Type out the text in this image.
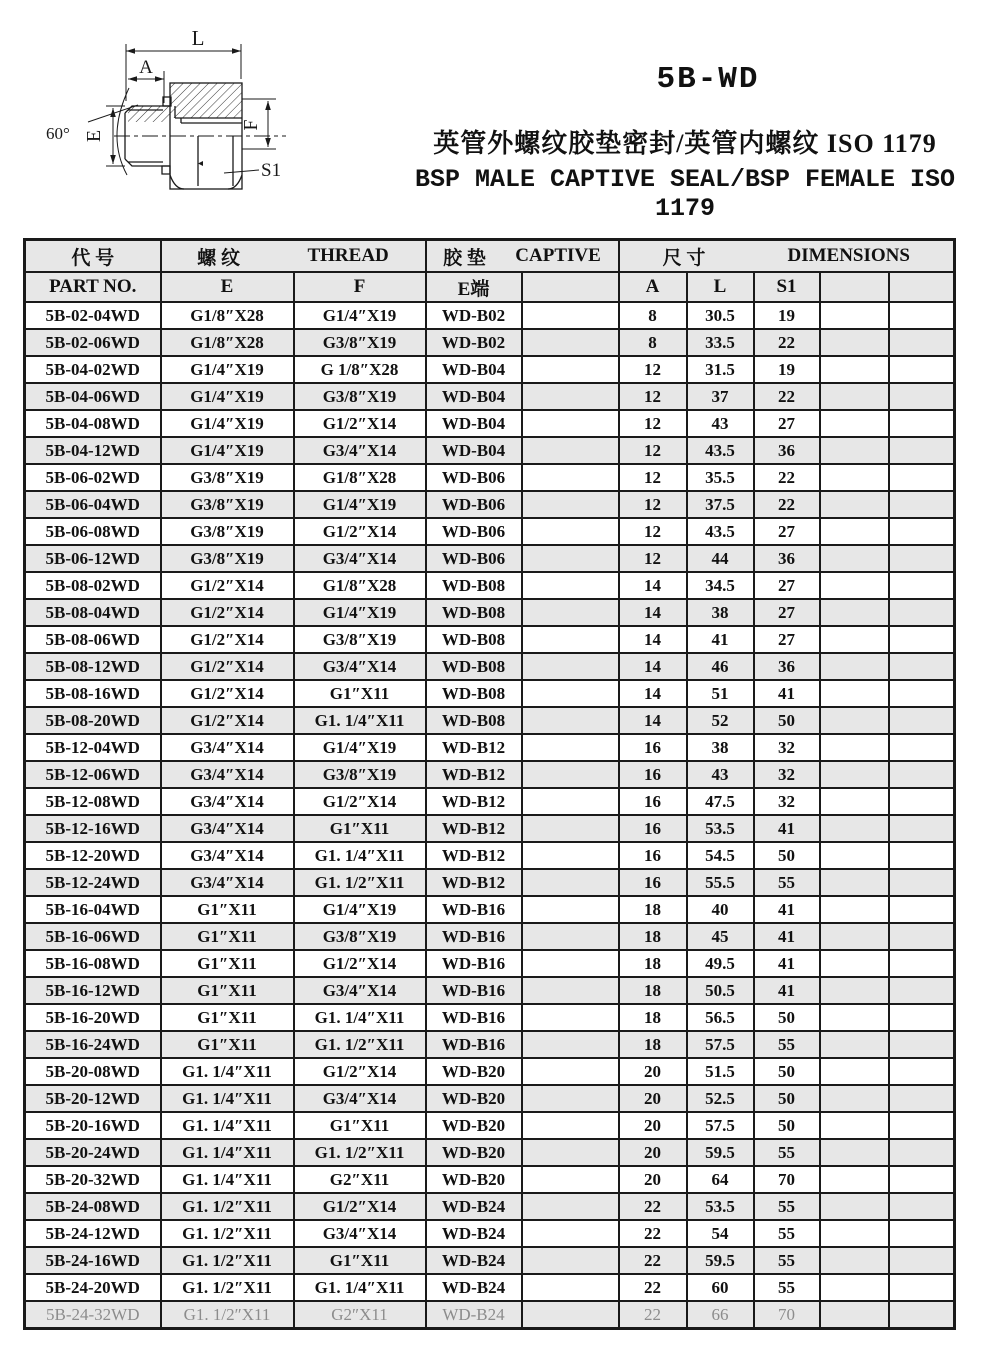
L
A
E
F
60°
S1
5B-WD
英管外螺纹胶垫密封/英管内螺纹 ISO 1179
BSP MALE CAPTIVE SEAL/BSP FEMALE ISO 1179
代 号	螺 纹 THREAD		胶 垫 CAPTIVE		尺 寸 DIMENSIONS				

PART NO.	E	F	E端		A	L	S1		
5B-02-04WD	G1/8″X28	G1/4″X19	WD-B02		8	30.5	19		
5B-02-06WD	G1/8″X28	G3/8″X19	WD-B02		8	33.5	22		
5B-04-02WD	G1/4″X19	G 1/8″X28	WD-B04		12	31.5	19		
5B-04-06WD	G1/4″X19	G3/8″X19	WD-B04		12	37	22		
5B-04-08WD	G1/4″X19	G1/2″X14	WD-B04		12	43	27		
5B-04-12WD	G1/4″X19	G3/4″X14	WD-B04		12	43.5	36		
5B-06-02WD	G3/8″X19	G1/8″X28	WD-B06		12	35.5	22		
5B-06-04WD	G3/8″X19	G1/4″X19	WD-B06		12	37.5	22		
5B-06-08WD	G3/8″X19	G1/2″X14	WD-B06		12	43.5	27		
5B-06-12WD	G3/8″X19	G3/4″X14	WD-B06		12	44	36		
5B-08-02WD	G1/2″X14	G1/8″X28	WD-B08		14	34.5	27		
5B-08-04WD	G1/2″X14	G1/4″X19	WD-B08		14	38	27		
5B-08-06WD	G1/2″X14	G3/8″X19	WD-B08		14	41	27		
5B-08-12WD	G1/2″X14	G3/4″X14	WD-B08		14	46	36		
5B-08-16WD	G1/2″X14	G1″X11	WD-B08		14	51	41		
5B-08-20WD	G1/2″X14	G1. 1/4″X11	WD-B08		14	52	50		
5B-12-04WD	G3/4″X14	G1/4″X19	WD-B12		16	38	32		
5B-12-06WD	G3/4″X14	G3/8″X19	WD-B12		16	43	32		
5B-12-08WD	G3/4″X14	G1/2″X14	WD-B12		16	47.5	32		
5B-12-16WD	G3/4″X14	G1″X11	WD-B12		16	53.5	41		
5B-12-20WD	G3/4″X14	G1. 1/4″X11	WD-B12		16	54.5	50		
5B-12-24WD	G3/4″X14	G1. 1/2″X11	WD-B12		16	55.5	55		
5B-16-04WD	G1″X11	G1/4″X19	WD-B16		18	40	41		
5B-16-06WD	G1″X11	G3/8″X19	WD-B16		18	45	41		
5B-16-08WD	G1″X11	G1/2″X14	WD-B16		18	49.5	41		
5B-16-12WD	G1″X11	G3/4″X14	WD-B16		18	50.5	41		
5B-16-20WD	G1″X11	G1. 1/4″X11	WD-B16		18	56.5	50		
5B-16-24WD	G1″X11	G1. 1/2″X11	WD-B16		18	57.5	55		
5B-20-08WD	G1. 1/4″X11	G1/2″X14	WD-B20		20	51.5	50		
5B-20-12WD	G1. 1/4″X11	G3/4″X14	WD-B20		20	52.5	50		
5B-20-16WD	G1. 1/4″X11	G1″X11	WD-B20		20	57.5	50		
5B-20-24WD	G1. 1/4″X11	G1. 1/2″X11	WD-B20		20	59.5	55		
5B-20-32WD	G1. 1/4″X11	G2″X11	WD-B20		20	64	70		
5B-24-08WD	G1. 1/2″X11	G1/2″X14	WD-B24		22	53.5	55		
5B-24-12WD	G1. 1/2″X11	G3/4″X14	WD-B24		22	54	55		
5B-24-16WD	G1. 1/2″X11	G1″X11	WD-B24		22	59.5	55		
5B-24-20WD	G1. 1/2″X11	G1. 1/4″X11	WD-B24		22	60	55		
5B-24-32WD	G1. 1/2″X11	G2″X11	WD-B24		22	66	70		
